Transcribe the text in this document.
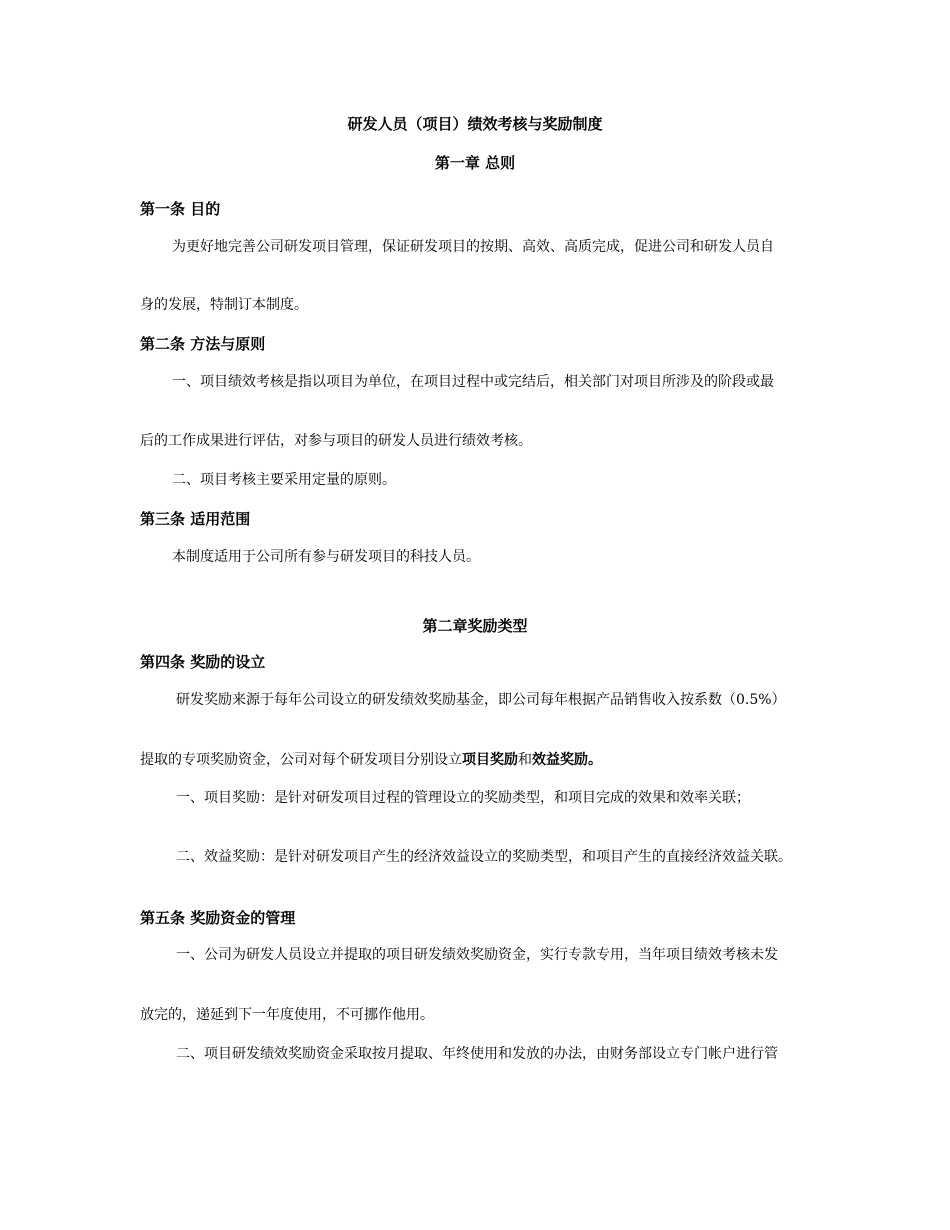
研发人员（项目）绩效考核与奖励制度
第一章 总则
第一条 目的
为更好地完善公司研发项目管理，保证研发项目的按期、高效、高质完成，促进公司和研发人员自
身的发展，特制订本制度。
第二条 方法与原则
一、项目绩效考核是指以项目为单位，在项目过程中或完结后，相关部门对项目所涉及的阶段或最
后的工作成果进行评估，对参与项目的研发人员进行绩效考核。
二、项目考核主要采用定量的原则。
第三条 适用范围
本制度适用于公司所有参与研发项目的科技人员。
第二章奖励类型
第四条 奖励的设立
研发奖励来源于每年公司设立的研发绩效奖励基金，即公司每年根据产品销售收入按系数（0.5%）
提取的专项奖励资金，公司对每个研发项目分别设立项目奖励和效益奖励。
一、项目奖励：是针对研发项目过程的管理设立的奖励类型，和项目完成的效果和效率关联；
二、效益奖励：是针对研发项目产生的经济效益设立的奖励类型，和项目产生的直接经济效益关联。
第五条 奖励资金的管理
一、公司为研发人员设立并提取的项目研发绩效奖励资金，实行专款专用，当年项目绩效考核未发
放完的，递延到下一年度使用，不可挪作他用。
二、项目研发绩效奖励资金采取按月提取、年终使用和发放的办法，由财务部设立专门帐户进行管
